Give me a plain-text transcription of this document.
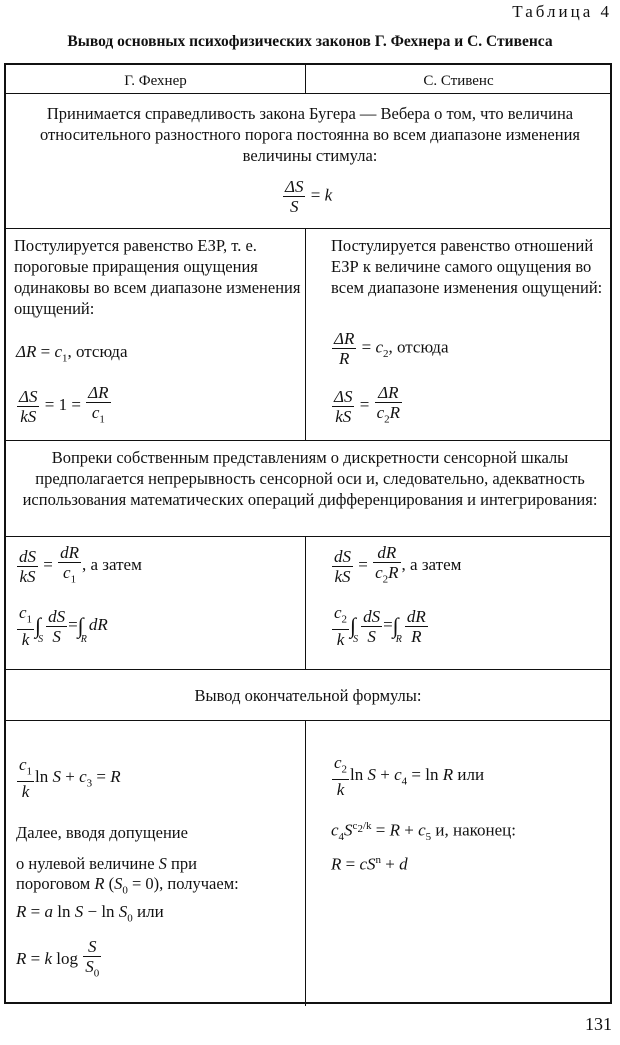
Таблица 4
Вывод основных психофизических законов Г. Фехнера и С. Стивенса
Г. Фехнер	С. Стивенс
Принимается справедливость закона Бугера — Вебера о том, что величина относительного разностного порога постоянна во всем диапазоне изменения величины стимула:
$\frac{\Delta S}{S} = k$
Постулируется равенство ЕЗР, т. е. пороговые приращения ощущения одинаковы во всем диапазоне изменения ощущений:
$\Delta R = c_1$, отсюда
$\frac{\Delta S}{kS} = 1 = \frac{\Delta R}{c_1}$
Постулируется равенство отношений ЕЗР к величине самого ощущения во всем диапазоне изменения ощущений:
$\frac{\Delta R}{R} = c_2$, отсюда
$\frac{\Delta S}{kS} = \frac{\Delta R}{c_2R}$
Вопреки собственным представлениям о дискретности сенсорной шкалы предполагается непрерывность сенсорной оси и, следовательно, адекватность использования математических операций дифференцирования и интегрирования:
$\frac{dS}{kS} = \frac{dR}{c_1}$ , а затем
$\frac{c_1}{k} \int_S \frac{dS}{S} =\int_RdR$
$\frac{dS}{kS} = \frac{dR}{c_2R}$ , а затем
$\frac{c_2}{k} \int_S \frac{dS}{S} =\int_R \frac{dR}{R}$
Вывод окончательной формулы:
$\frac{c_1}{k}$ $\ln S + c_3 = R$
Далее, вводя допущение
о нулевой величине S при
пороговом R $(S_0 = 0)$, получаем:
R = a $\ln S - \ln S_0$ или
R = k $\log \frac{S}{S_0}$
$\frac{c_2}{k}$ $\ln S + c_4 = \ln R$ или
$c_4S^{c_2/k} = R + c_5$ и, наконец:
$R = cS^n + d$
131
